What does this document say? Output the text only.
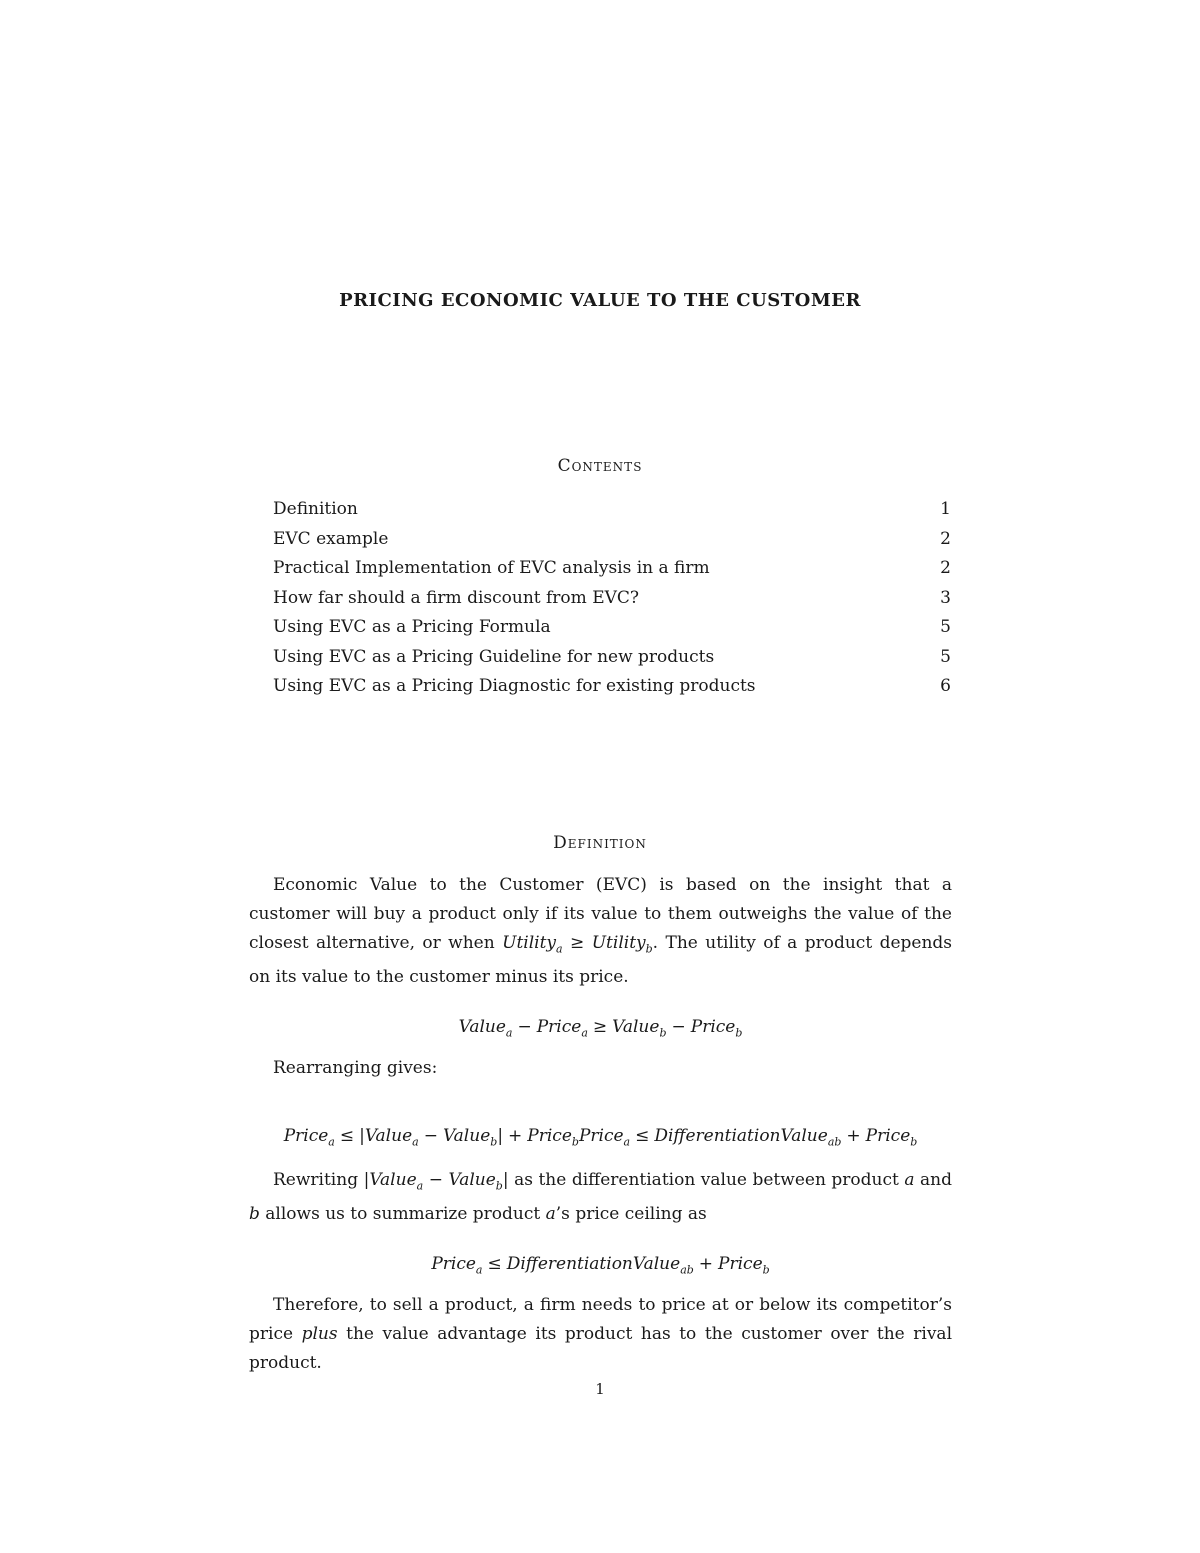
PRICING ECONOMIC VALUE TO THE CUSTOMER
Contents
Definition	1
EVC example	2
Practical Implementation of EVC analysis in a firm	2
How far should a firm discount from EVC?	3
Using EVC as a Pricing Formula	5
Using EVC as a Pricing Guideline for new products	5
Using EVC as a Pricing Diagnostic for existing products	6
Definition
Economic Value to the Customer (EVC) is based on the insight that a customer will buy a product only if its value to them outweighs the value of the closest alternative, or when Utility$_a$ ≥ Utility$_b$. The utility of a product depends on its value to the customer minus its price.
Value$_a$ − Price$_a$ ≥ Value$_b$ − Price$_b$
Rearranging gives:
Price$_a$ ≤ |Value$_a$ − Value$_b$| + Price$_b$Price$_a$ ≤ DifferentiationValue$_{ab}$ + Price$_b$
Rewriting |Value$_a$ − Value$_b$| as the differentiation value between product a and b allows us to summarize product a’s price ceiling as
Price$_a$ ≤ DifferentiationValue$_{ab}$ + Price$_b$
Therefore, to sell a product, a firm needs to price at or below its competitor’s price plus the value advantage its product has to the customer over the rival product.
1
